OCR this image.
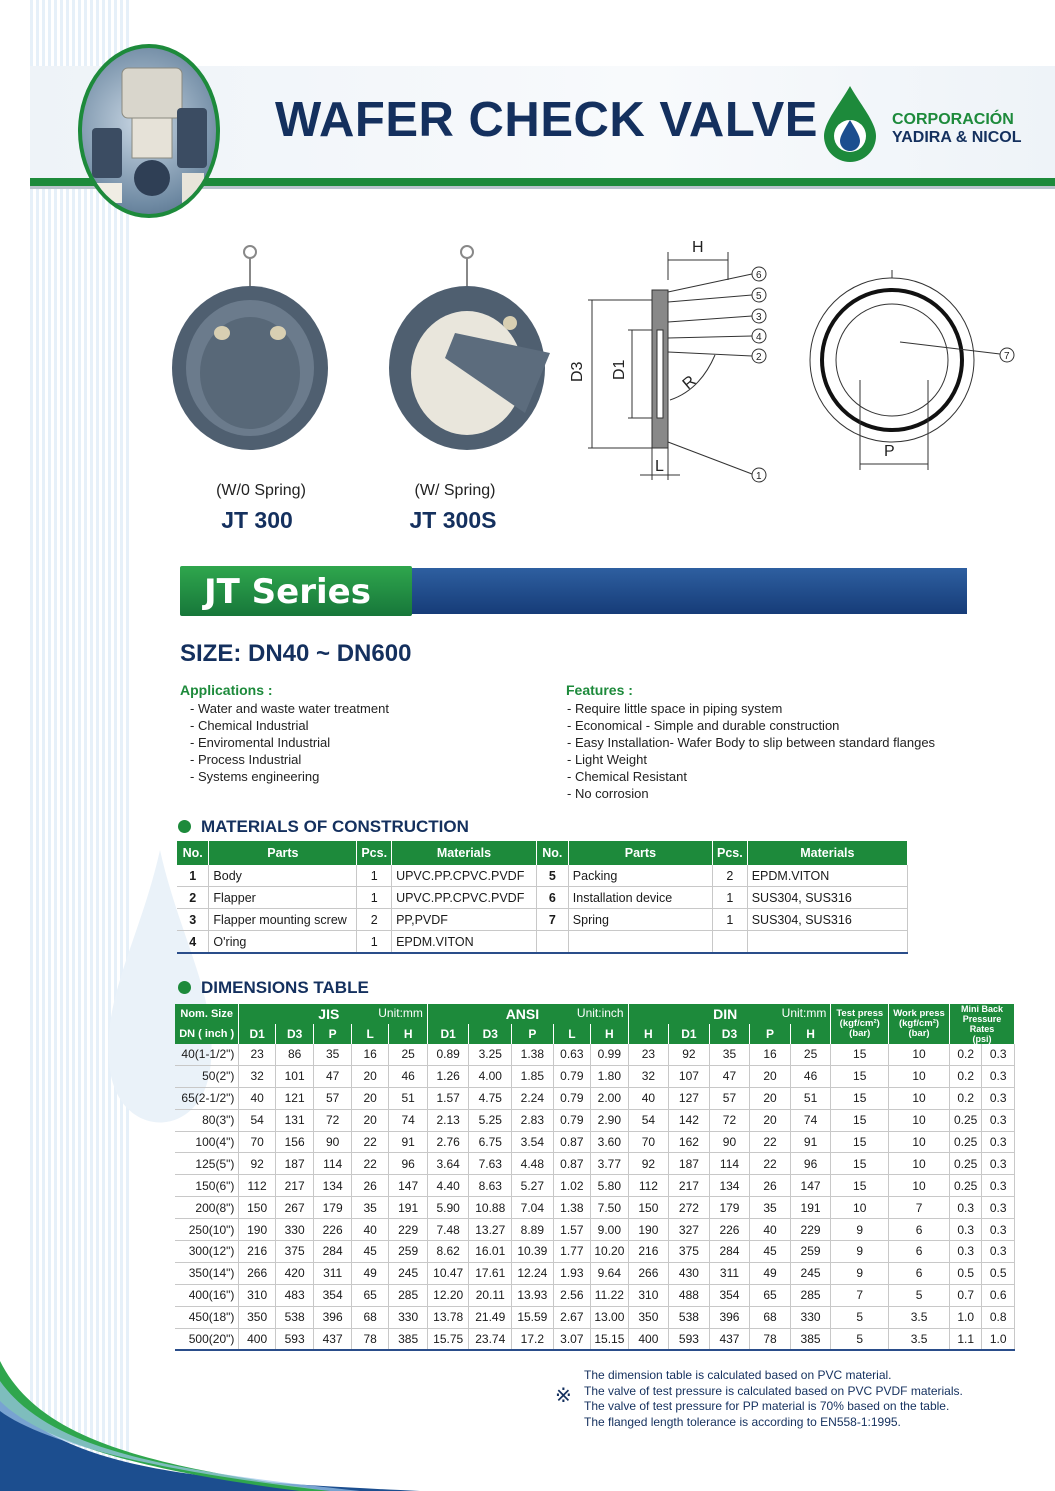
WAFER CHECK VALVE	CORPORACIÓN
YADIRA & NICOL
(W/0 Spring)
JT 300
(W/ Spring)
JT 300S
H
D3 D1
R
L
P
6
5
3
4
2
1
7
JT Series
SIZE: DN40 ~ DN600
Applications :
- Water and waste water treatment
- Chemical Industrial
- Enviromental Industrial
- Process Industrial
- Systems engineering
Features :
- Require little space in piping system
- Economical - Simple and durable construction
- Easy Installation- Wafer Body to slip between standard flanges
- Light Weight
- Chemical Resistant
- No corrosion
MATERIALS OF CONSTRUCTION
No.	Parts	Pcs.	Materials	No.	Parts	Pcs.	Materials
1	Body	1	UPVC.PP.CPVC.PVDF	5	Packing	2	EPDM.VITON
2	Flapper	1	UPVC.PP.CPVC.PVDF	6	Installation device	1	SUS304, SUS316
3	Flapper mounting screw	2	PP,PVDF	7	Spring	1	SUS304, SUS316
4	O'ring	1	EPDM.VITON				
DIMENSIONS TABLE
Nom. Size	JIS Unit:mm					ANSI Unit:inch					DIN Unit:mm					Test press
(kgf/cm²)
(bar)	Work press
(kgf/cm²)
(bar)	Mini Back
Pressure Rates
(psi)	
DN ( inch )	D1	D3	P	L	H	D1	D3	P	L	H	H	D1	D3	P	H				
40(1-1/2")	23	86	35	16	25	0.89	3.25	1.38	0.63	0.99	23	92	35	16	25	15	10	0.2	0.3
50(2")	32	101	47	20	46	1.26	4.00	1.85	0.79	1.80	32	107	47	20	46	15	10	0.2	0.3
65(2-1/2")	40	121	57	20	51	1.57	4.75	2.24	0.79	2.00	40	127	57	20	51	15	10	0.2	0.3
80(3")	54	131	72	20	74	2.13	5.25	2.83	0.79	2.90	54	142	72	20	74	15	10	0.25	0.3
100(4")	70	156	90	22	91	2.76	6.75	3.54	0.87	3.60	70	162	90	22	91	15	10	0.25	0.3
125(5")	92	187	114	22	96	3.64	7.63	4.48	0.87	3.77	92	187	114	22	96	15	10	0.25	0.3
150(6")	112	217	134	26	147	4.40	8.63	5.27	1.02	5.80	112	217	134	26	147	15	10	0.25	0.3
200(8")	150	267	179	35	191	5.90	10.88	7.04	1.38	7.50	150	272	179	35	191	10	7	0.3	0.3
250(10")	190	330	226	40	229	7.48	13.27	8.89	1.57	9.00	190	327	226	40	229	9	6	0.3	0.3
300(12")	216	375	284	45	259	8.62	16.01	10.39	1.77	10.20	216	375	284	45	259	9	6	0.3	0.3
350(14")	266	420	311	49	245	10.47	17.61	12.24	1.93	9.64	266	430	311	49	245	9	6	0.5	0.5
400(16")	310	483	354	65	285	12.20	20.11	13.93	2.56	11.22	310	488	354	65	285	7	5	0.7	0.6
450(18")	350	538	396	68	330	13.78	21.49	15.59	2.67	13.00	350	538	396	68	330	5	3.5	1.0	0.8
500(20")	400	593	437	78	385	15.75	23.74	17.2	3.07	15.15	400	593	437	78	385	5	3.5	1.1	1.0
※
The dimension table is calculated based on PVC material.
The valve of test pressure is calculated based on PVC PVDF materials.
The valve of test pressure for PP material is 70% based on the table.
The flanged length tolerance is according to EN558-1:1995.
